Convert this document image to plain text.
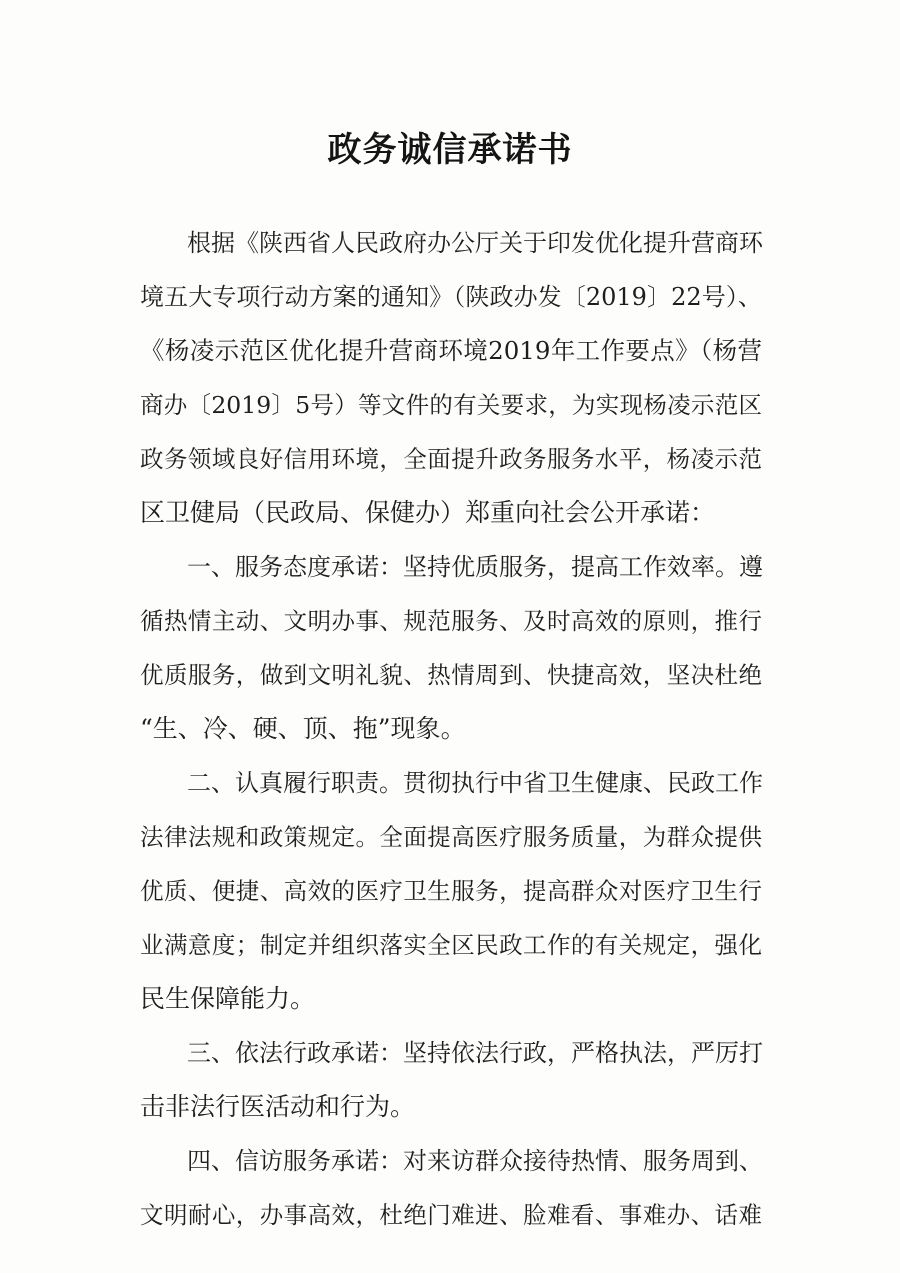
政务诚信承诺书
根据《陕西省人民政府办公厅关于印发优化提升营商环
境五大专项行动方案的通知》（陕政办发〔2019〕22号）、
《杨凌示范区优化提升营商环境2019年工作要点》（杨营
商办〔2019〕5号）等文件的有关要求，为实现杨凌示范区
政务领域良好信用环境，全面提升政务服务水平，杨凌示范
区卫健局（民政局、保健办）郑重向社会公开承诺：
一、服务态度承诺：坚持优质服务，提高工作效率。遵
循热情主动、文明办事、规范服务、及时高效的原则，推行
优质服务，做到文明礼貌、热情周到、快捷高效，坚决杜绝
“生、冷、硬、顶、拖”现象。
二、认真履行职责。贯彻执行中省卫生健康、民政工作
法律法规和政策规定。全面提高医疗服务质量，为群众提供
优质、便捷、高效的医疗卫生服务，提高群众对医疗卫生行
业满意度；制定并组织落实全区民政工作的有关规定，强化
民生保障能力。
三、依法行政承诺：坚持依法行政，严格执法，严厉打
击非法行医活动和行为。
四、信访服务承诺：对来访群众接待热情、服务周到、
文明耐心，办事高效，杜绝门难进、脸难看、事难办、话难
